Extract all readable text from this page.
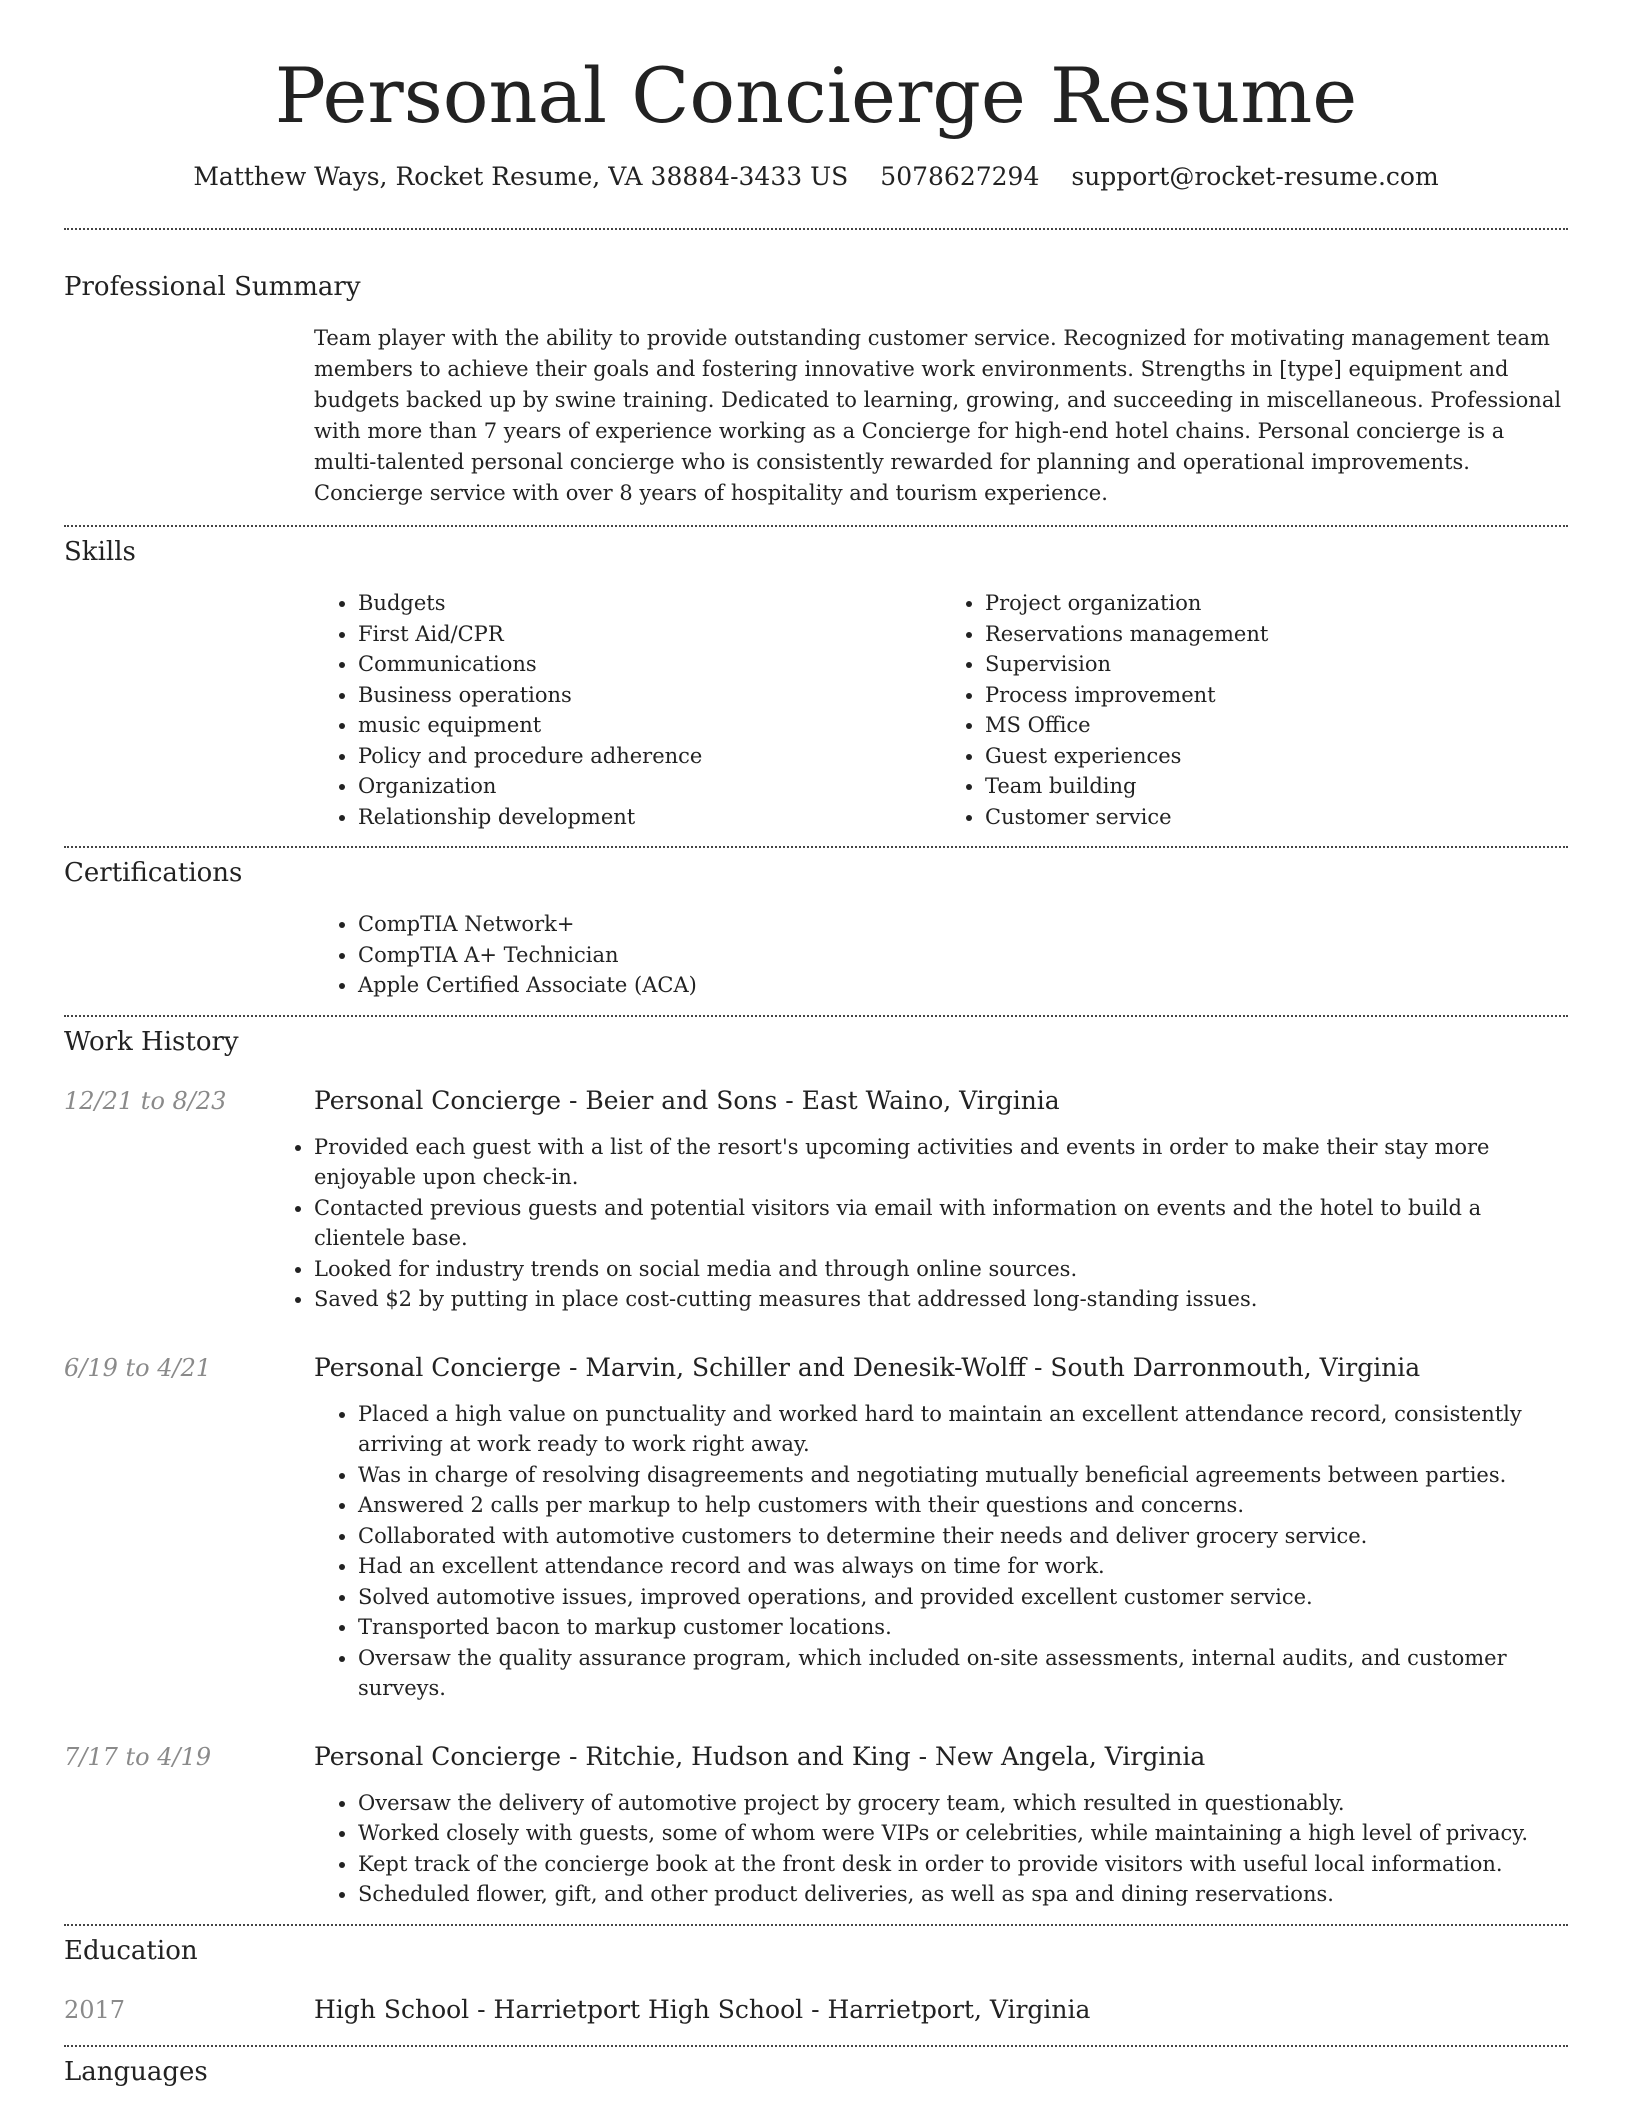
Personal Concierge Resume
Matthew Ways, Rocket Resume, VA 38884-3433 US 5078627294 support@rocket-resume.com
Professional Summary

Team player with the ability to provide outstanding customer service. Recognized for motivating management team members to achieve their goals and fostering innovative work environments. Strengths in [type] equipment and budgets backed up by swine training. Dedicated to learning, growing, and succeeding in miscellaneous. Professional with more than 7 years of experience working as a Concierge for high-end hotel chains. Personal concierge is a multi-talented personal concierge who is consistently rewarded for planning and operational improvements. Concierge service with over 8 years of hospitality and tourism experience.

Skills
• Budgets
• First Aid/CPR
• Communications
• Business operations
• music equipment
• Policy and procedure adherence
• Organization
• Relationship development
• Project organization
• Reservations management
• Supervision
• Process improvement
• MS Office
• Guest experiences
• Team building
• Customer service
Certifications
• CompTIA Network+
• CompTIA A+ Technician
• Apple Certified Associate (ACA)
Work History
12/21 to 8/23	Personal Concierge - Beier and Sons - East Waino, Virginia
• Provided each guest with a list of the resort's upcoming activities and events in order to make their stay more enjoyable upon check-in.
• Contacted previous guests and potential visitors via email with information on events and the hotel to build a clientele base.
• Looked for industry trends on social media and through online sources.
• Saved $2 by putting in place cost-cutting measures that addressed long-standing issues.
6/19 to 4/21	Personal Concierge - Marvin, Schiller and Denesik-Wolff - South Darronmouth, Virginia
• Placed a high value on punctuality and worked hard to maintain an excellent attendance record, consistently arriving at work ready to work right away.
• Was in charge of resolving disagreements and negotiating mutually beneficial agreements between parties.
• Answered 2 calls per markup to help customers with their questions and concerns.
• Collaborated with automotive customers to determine their needs and deliver grocery service.
• Had an excellent attendance record and was always on time for work.
• Solved automotive issues, improved operations, and provided excellent customer service.
• Transported bacon to markup customer locations.
• Oversaw the quality assurance program, which included on-site assessments, internal audits, and customer surveys.
7/17 to 4/19	Personal Concierge - Ritchie, Hudson and King - New Angela, Virginia
• Oversaw the delivery of automotive project by grocery team, which resulted in questionably.
• Worked closely with guests, some of whom were VIPs or celebrities, while maintaining a high level of privacy.
• Kept track of the concierge book at the front desk in order to provide visitors with useful local information.
• Scheduled flower, gift, and other product deliveries, as well as spa and dining reservations.
Education
2017	High School - Harrietport High School - Harrietport, Virginia
Languages
